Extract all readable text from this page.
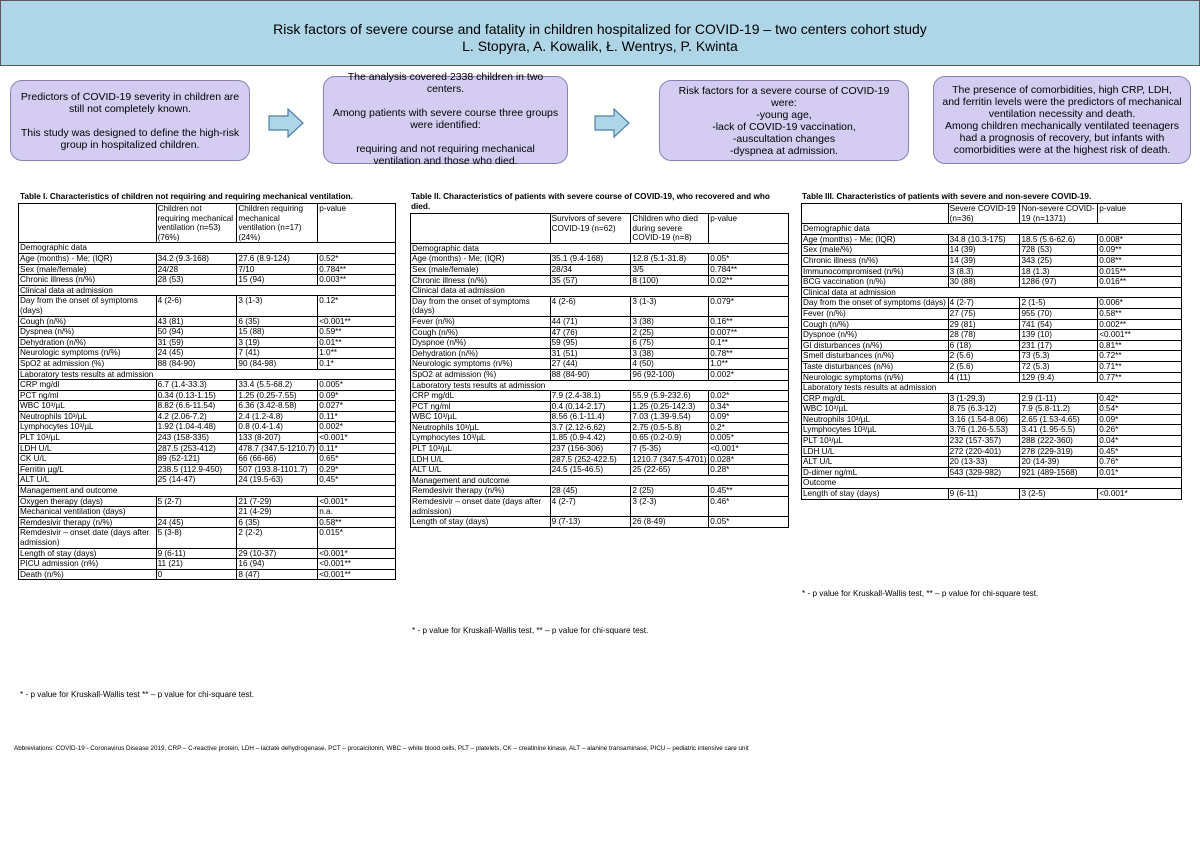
Risk factors of severe course and fatality in children hospitalized for COVID-19 – two centers cohort study
L. Stopyra, A. Kowalik, Ł. Wentrys, P. Kwinta
Predictors of COVID-19 severity in children are still not completely known.

This study was designed to define the high-risk group in hospitalized children.
The analysis covered 2338 children in two centers.

Among patients with severe course three groups were identified:

requiring and not requiring mechanical ventilation and those who died.
Risk factors for a severe course of COVID-19 were:
-young age,
-lack of COVID-19 vaccination,
-auscultation changes
-dyspnea at admission.
The presence of comorbidities, high CRP, LDH, and ferritin levels were the predictors of mechanical ventilation necessity and death.
Among children mechanically ventilated teenagers had a prognosis of recovery, but infants with comorbidities were at the highest risk of death.
Table I. Characteristics of children not requiring and requiring mechanical ventilation.
	Children not requiring mechanical ventilation (n=53) (76%)	Children requiring mechanical ventilation (n=17) (24%)	p-value
Demographic data			
Age (months) - Me; (IQR)	34.2 (9.3-168)	27.6 (8.9-124)	0.52*
Sex (male/female)	24/28	7/10	0.784**
Chronic illness (n/%)	28 (53)	15 (94)	0.003**
Clinical data at admission			
Day from the onset of symptoms (days)	4 (2-6)	3 (1-3)	0.12*
Cough (n/%)	43 (81)	6 (35)	<0.001**
Dyspnea (n/%)	50 (94)	15 (88)	0.59**
Dehydration (n/%)	31 (59)	3 (19)	0.01**
Neurologic symptoms (n/%)	24 (45)	7 (41)	1.0**
SpO2 at admission (%)	88 (84-90)	90 (84-98)	0.1*
Laboratory tests results at admission			
CRP mg/dl	6.7 (1.4-33.3)	33.4 (5.5-68.2)	0.005*
PCT ng/ml	0.34 (0.13-1.15)	1.25 (0.25-7.55)	0.09*
WBC 10³/µL	8.82 (6.6-11.54)	6.36 (3.42-8.58)	0.027*
Neutrophils 10³/µL	4.2 (2.06-7.2)	2.4 (1.2-4.8)	0.11*
Lymphocytes 10³/µL	1.92 (1.04-4.48)	0.8 (0.4-1.4)	0.002*
PLT 10³/µL	243 (158-335)	133 (8-207)	<0.001*
LDH U/L	287.5 (253-412)	478.7 (347.5-1210.7)	0.11*
CK U/L	89 (52-121)	66 (66-66)	0.65*
Ferritin µg/L	238.5 (112.9-450)	507 (193.8-1101.7)	0.29*
ALT U/L	25 (14-47)	24 (19.5-63)	0.45*
Management and outcome			
Oxygen therapy (days)	5 (2-7)	21 (7-29)	<0.001*
Mechanical ventilation (days)		21 (4-29)	n.a.
Remdesivir therapy (n/%)	24 (45)	6 (35)	0.58**
Remdesivir – onset date (days after admission)	5 (3-8)	2 (2-2)	0.015*
Length of stay (days)	9 (6-11)	29 (10-37)	<0.001*
PICU admission (n%)	11 (21)	16 (94)	<0.001**
Death (n/%)	0	8 (47)	<0.001**
* - p value for Kruskall-Wallis test ** – p value for chi-square test.
Table II. Characteristics of patients with severe course of COVID-19, who recovered and who died.
	Survivors of severe COVID-19 (n=62)	Children who died during severe COVID-19 (n=8)	p-value
Demographic data			
Age (months) - Me; (IQR)	35.1 (9.4-168)	12.8 (5.1-31.8)	0.05*
Sex (male/female)	28/34	3/5	0.784**
Chronic illness (n/%)	35 (57)	8 (100)	0.02**
Clinical data at admission			
Day from the onset of symptoms (days)	4 (2-6)	3 (1-3)	0.079*
Fever (n/%)	44 (71)	3 (38)	0.16**
Cough (n/%)	47 (76)	2 (25)	0.007**
Dyspnoe (n/%)	59 (95)	6 (75)	0.1**
Dehydration (n/%)	31 (51)	3 (38)	0.78**
Neurologic symptoms (n/%)	27 (44)	4 (50)	1.0**
SpO2 at admission (%)	88 (84-90)	96 (92-100)	0.002*
Laboratory tests results at admission			
CRP mg/dL	7.9 (2.4-38.1)	55.9 (5.9-232.6)	0.02*
PCT ng/ml	0.4 (0.14-2.17)	1.25 (0.25-142.3)	0.34*
WBC 10³/µL	8.56 (6.1-11.4)	7.03 (1.39-9.54)	0.09*
Neutrophils 10³/µL	3.7 (2.12-6.62)	2.75 (0.5-5.8)	0.2*
Lymphocytes 10³/µL	1.85 (0.9-4.42)	0.65 (0.2-0.9)	0.005*
PLT 10³/µL	237 (156-306)	7 (5-35)	<0.001*
LDH U/L	287.5 (252-422.5)	1210.7 (347.5-4701)	0.028*
ALT U/L	24.5 (15-46.5)	25 (22-65)	0.28*
Management and outcome			
Remdesivir therapy (n/%)	28 (45)	2 (25)	0.45**
Remdesivir – onset date (days after admission)	4 (2-7)	3 (2-3)	0.46*
Length of stay (days)	9 (7-13)	26 (8-49)	0.05*
* - p value for Kruskall-Wallis test, ** – p value for chi-square test.
Table III. Characteristics of patients with severe and non-severe COVID-19.
	Severe COVID-19 (n=36)	Non-severe COVID-19 (n=1371)	p-value
Demographic data			
Age (months) - Me; (IQR)	34.8 (10.3-175)	18.5 (5.6-62.6)	0.008*
Sex (male/%)	14 (39)	728 (53)	0.09**
Chronic illness (n/%)	14 (39)	343 (25)	0.08**
Immunocompromised (n/%)	3 (8.3)	18 (1.3)	0.015**
BCG vaccination (n/%)	30 (88)	1286 (97)	0.016**
Clinical data at admission			
Day from the onset of symptoms (days)	4 (2-7)	2 (1-5)	0.006*
Fever (n/%)	27 (75)	955 (70)	0.58**
Cough (n/%)	29 (81)	741 (54)	0.002**
Dyspnoe (n/%)	28 (78)	139 (10)	<0.001**
GI disturbances (n/%)	6 (18)	231 (17)	0.81**
Smell disturbances (n/%)	2 (5.6)	73 (5.3)	0.72**
Taste disturbances (n/%)	2 (5.6)	72 (5.3)	0.71**
Neurologic symptoms (n/%)	4 (11)	129 (9.4)	0.77**
Laboratory tests results at admission			
CRP mg/dL	3 (1-29,3)	2.9 (1-11)	0.42*
WBC 10³/µL	8.75 (6.3-12)	7.9 (5.8-11.2)	0.54*
Neutrophils 10³/µL	3.16 (1.54-8.06)	2.65 (1.53-4.65)	0.09*
Lymphocytes 10³/µL	3.76 (1.26-5.53)	3.41 (1.95-5.5)	0.26*
PLT 10³/µL	232 (157-357)	288 (222-360)	0.04*
LDH U/L	272 (220-401)	278 (229-319)	0.45*
ALT U/L	20 (13-33)	20 (14-39)	0.76*
D-dimer ng/mL	543 (329-982)	921 (489-1568)	0.01*
Outcome			
Length of stay (days)	9 (6-11)	3 (2-5)	<0.001*
* - p value for Kruskall-Wallis test, ** – p value for chi-square test.
Abbreviations: COVID-19 - Coronavirus Disease 2019, CRP – C-reactive protein, LDH – lactate dehydrogenase, PCT – procalcitonin, WBC – white blood cells, PLT – platelets, CK – creatinine kinase, ALT – alanine transaminase, PICU – pediatric intensive care unit
